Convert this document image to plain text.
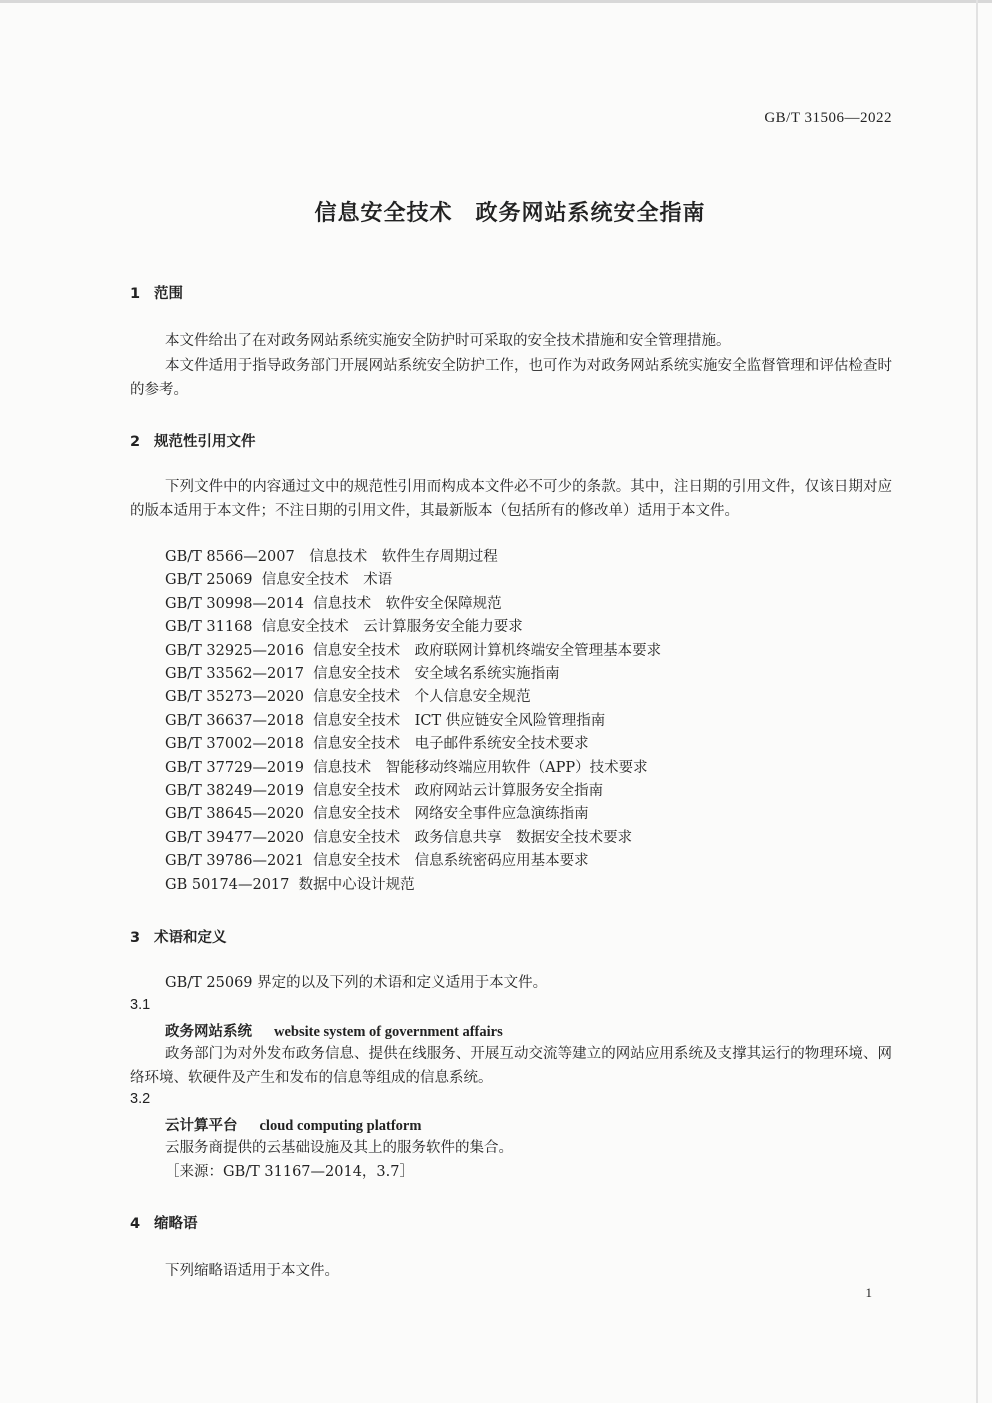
GB/T 31506—2022
信息安全技术　政务网站系统安全指南
1 范围
本文件给出了在对政务网站系统实施安全防护时可采取的安全技术措施和安全管理措施。
本文件适用于指导政务部门开展网站系统安全防护工作，也可作为对政务网站系统实施安全监督管理和评估检查时的参考。
2 规范性引用文件
下列文件中的内容通过文中的规范性引用而构成本文件必不可少的条款。其中，注日期的引用文件，仅该日期对应的版本适用于本文件；不注日期的引用文件，其最新版本（包括所有的修改单）适用于本文件。
GB/T 8566—2007 信息技术　软件生存周期过程
GB/T 25069 信息安全技术　术语
GB/T 30998—2014 信息技术　软件安全保障规范
GB/T 31168 信息安全技术　云计算服务安全能力要求
GB/T 32925—2016 信息安全技术　政府联网计算机终端安全管理基本要求
GB/T 33562—2017 信息安全技术　安全域名系统实施指南
GB/T 35273—2020 信息安全技术　个人信息安全规范
GB/T 36637—2018 信息安全技术　ICT 供应链安全风险管理指南
GB/T 37002—2018 信息安全技术　电子邮件系统安全技术要求
GB/T 37729—2019 信息技术　智能移动终端应用软件（APP）技术要求
GB/T 38249—2019 信息安全技术　政府网站云计算服务安全指南
GB/T 38645—2020 信息安全技术　网络安全事件应急演练指南
GB/T 39477—2020 信息安全技术　政务信息共享　数据安全技术要求
GB/T 39786—2021 信息安全技术　信息系统密码应用基本要求
GB 50174—2017 数据中心设计规范
3 术语和定义
GB/T 25069 界定的以及下列的术语和定义适用于本文件。
3.1
政务网站系统 website system of government affairs
政务部门为对外发布政务信息、提供在线服务、开展互动交流等建立的网站应用系统及支撑其运行的物理环境、网络环境、软硬件及产生和发布的信息等组成的信息系统。
3.2
云计算平台 cloud computing platform
云服务商提供的云基础设施及其上的服务软件的集合。
［来源：GB/T 31167—2014，3.7］
4 缩略语
下列缩略语适用于本文件。
1
